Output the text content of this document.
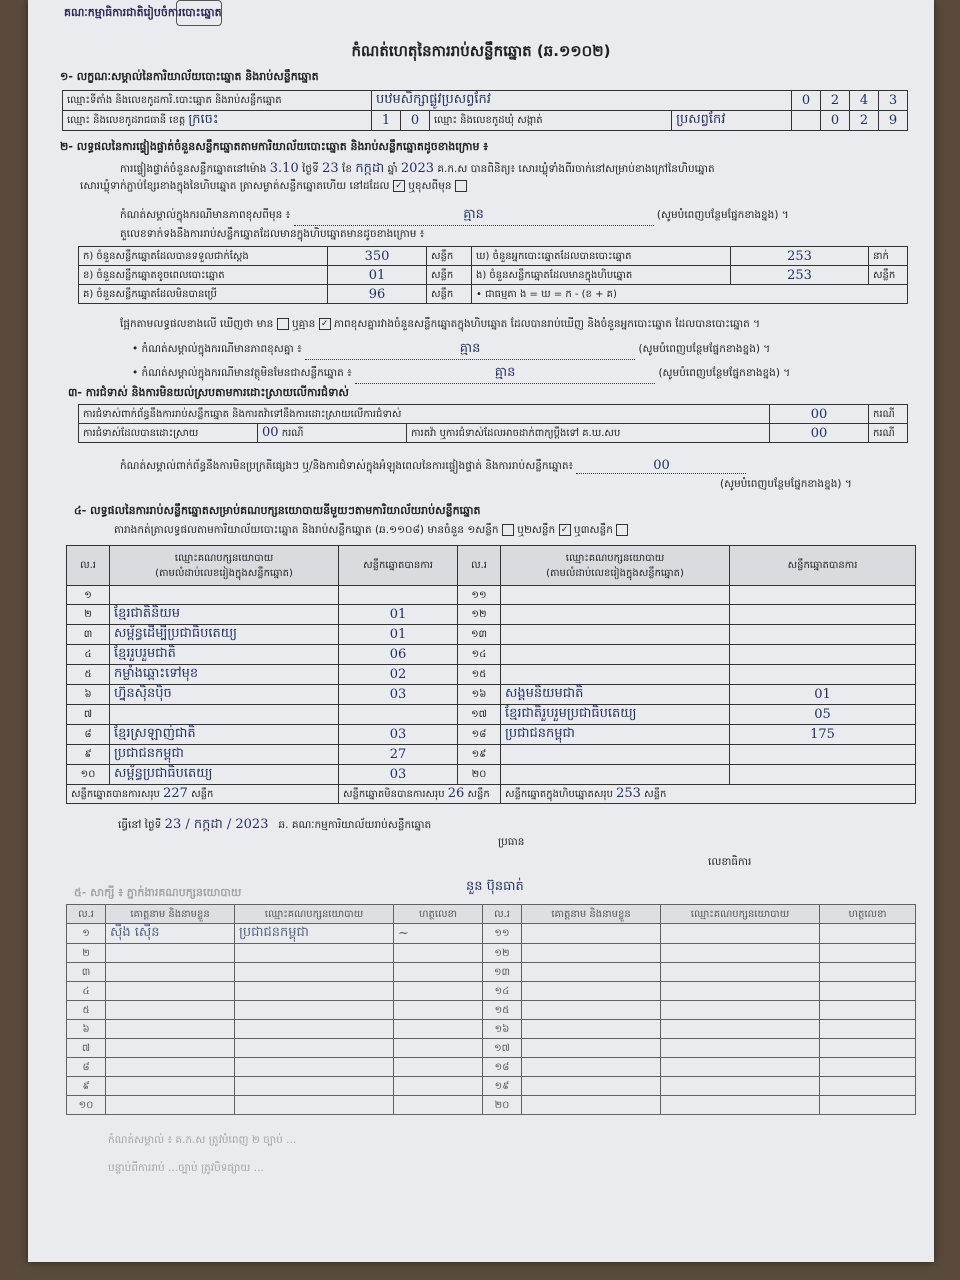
គណៈកម្មាធិការជាតិរៀបចំការបោះឆ្នោត
កំណត់ហេតុនៃការរាប់សន្លឹកឆ្នោត (ឆ.១១០២)
១- លក្ខណៈសម្គាល់នៃការិយាល័យបោះឆ្នោត និងរាប់សន្លឹកឆ្នោត
ឈ្មោះទីតាំង និងលេខកូដការិ.បោះឆ្នោត និងរាប់សន្លឹកឆ្នោត	បឋមសិក្សាផ្លូវប្រសព្វកែវ				0	2	4	3
ឈ្មោះ និងលេខកូដរាជធានី ខេត្ត ក្រចេះ	1	0	ឈ្មោះ និងលេខកូដឃុំ សង្កាត់	ប្រសព្វកែវ		0	2	9
២- លទ្ធផលនៃការផ្ទៀងផ្ទាត់ចំនួនសន្លឹកឆ្នោតតាមការិយាល័យបោះឆ្នោត និងរាប់សន្លឹកឆ្នោតដូចខាងក្រោម ៖
ការផ្ទៀងផ្ទាត់ចំនួនសន្លឹកឆ្នោតនៅម៉ោង 3.10 ថ្ងៃទី 23 ខែ កក្កដា ឆ្នាំ 2023 គ.ក.ស បានពិនិត្យ៖ សោរឃ្លុំទាំងពីរចាក់នៅសម្រាប់ខាងក្រៅនៃហិបឆ្នោត
សោរឃ្លុំទាក់ភ្ជាប់ខ្សែរខាងក្នុងនៃហិបឆ្នោត ត្រាសម្ងាត់សន្លឹកឆ្នោតហើយ នៅដដែល ✓ ឬខុសពីមុន
កំណត់សម្គាល់ក្នុងករណីមានភាពខុសពីមុន ៖	គ្មាន	(សូមបំពេញបន្ថែមផ្នែកខាងខ្នង) ។
តួលេខទាក់ទងនឹងការរាប់សន្លឹកឆ្នោតដែលមានក្នុងហិបឆ្នោតមានដូចខាងក្រោម ៖
ក) ចំនួនសន្លឹកឆ្នោតដែលបានទទួលជាក់ស្តែង	350	សន្លឹក	ឃ) ចំនួនអ្នកបោះឆ្នោតដែលបានបោះឆ្នោត	253	នាក់
ខ) ចំនួនសន្លឹកឆ្នោតខូចពេលបោះឆ្នោត	01	សន្លឹក	ង) ចំនួនសន្លឹកឆ្នោតដែលមានក្នុងហិបឆ្នោត	253	សន្លឹក
គ) ចំនួនសន្លឹកឆ្នោតដែលមិនបានប្រើ	96	សន្លឹក	• ជាធម្មតា ង = ឃ = ក - (ខ + គ)		
ផ្អែកតាមលទ្ធផលខាងលើ ឃើញថា មាន ឬគ្មាន ✓ ភាពខុសគ្នារវាងចំនួនសន្លឹកឆ្នោតក្នុងហិបឆ្នោត ដែលបានរាប់ឃើញ និងចំនួនអ្នកបោះឆ្នោត ដែលបានបោះឆ្នោត ។
• កំណត់សម្គាល់ក្នុងករណីមានភាពខុសគ្នា ៖	គ្មាន	(សូមបំពេញបន្ថែមផ្នែកខាងខ្នង) ។
• កំណត់សម្គាល់ក្នុងករណីមានវត្ថុមិនមែនជាសន្លឹកឆ្នោត ៖	គ្មាន	(សូមបំពេញបន្ថែមផ្នែកខាងខ្នង) ។
៣- ការជំទាស់ និងការមិនយល់ស្របតាមការដោះស្រាយលើការជំទាស់
ការជំទាស់ពាក់ព័ន្ធនឹងការរាប់សន្លឹកឆ្នោត និងការតវ៉ាទៅនឹងការដោះស្រាយលើការជំទាស់			00	ករណី
ការជំទាស់ដែលបានដោះស្រាយ	00 ករណី	ការតវ៉ា ឬការជំទាស់ដែលអាចដាក់ពាក្យប្តឹងទៅ គ.ឃ.សប	00	ករណី
កំណត់សម្គាល់ពាក់ព័ន្ធនឹងការមិនប្រក្រតីផ្សេងៗ ឬ/និងការជំទាស់ក្នុងអំឡុងពេលនៃការផ្ទៀងផ្ទាត់ និងការរាប់សន្លឹកឆ្នោត៖	00
(សូមបំពេញបន្ថែមផ្នែកខាងខ្នង) ។
៤- លទ្ធផលនៃការរាប់សន្លឹកឆ្នោតសម្រាប់គណបក្សនយោបាយនីមួយៗតាមការិយាល័យរាប់សន្លឹកឆ្នោត
តារាងកត់ត្រាលទ្ធផលតាមការិយាល័យបោះឆ្នោត និងរាប់សន្លឹកឆ្នោត (ឆ.១១០៨) មានចំនួន ១សន្លឹក ឬ២សន្លឹក ✓ ឬ៣សន្លឹក
ល.រ	ឈ្មោះគណបក្សនយោបាយ
(តាមលំដាប់លេខរៀងក្នុងសន្លឹកឆ្នោត)	សន្លឹកឆ្នោតបានការ	ល.រ	ឈ្មោះគណបក្សនយោបាយ
(តាមលំដាប់លេខរៀងក្នុងសន្លឹកឆ្នោត)	សន្លឹកឆ្នោតបានការ
១			១១		
២	ខ្មែរជាតិនិយម	01	១២		
៣	សម្ព័ន្ធដើម្បីប្រជាធិបតេយ្យ	01	១៣		
៤	ខ្មែររួបរួមជាតិ	06	១៤		
៥	កម្លាំងឆ្ពោះទៅមុខ	02	១៥		
៦	ហ្វ៊ុនស៊ិនប៉ិច	03	១៦	សង្គមនិយមជាតិ	01
៧			១៧	ខ្មែរជាតិរួបរួមប្រជាធិបតេយ្យ	05
៨	ខ្មែរស្រឡាញ់ជាតិ	03	១៨	ប្រជាជនកម្ពុជា	175
៩	ប្រជាជនកម្ពុជា	27	១៩		
១០	សម្ព័ន្ធប្រជាធិបតេយ្យ	03	២០		
សន្លឹកឆ្នោតបានការសរុប 227 សន្លឹក		សន្លឹកឆ្នោតមិនបានការសរុប 26 សន្លឹក		សន្លឹកឆ្នោតក្នុងហិបឆ្នោតសរុប 253 សន្លឹក	
ធ្វើនៅ ថ្ងៃទី 23 / កក្កដា / 2023 ឆ. គណៈកម្មការិយាល័យរាប់សន្លឹកឆ្នោត
ប្រធាន
នួន ប៊ុនធាត់
លេខាធិការ
៥- សាក្សី ៖ ភ្នាក់ងារគណបក្សនយោបាយ
ល.រ	គោត្តនាម និងនាមខ្លួន	ឈ្មោះគណបក្សនយោបាយ	ហត្ថលេខា	ល.រ	គោត្តនាម និងនាមខ្លួន	ឈ្មោះគណបក្សនយោបាយ	ហត្ថលេខា
១	ស៊ឹង ស៊ើន	ប្រជាជនកម្ពុជា	~	១១			
២				១២			
៣				១៣			
៤				១៤			
៥				១៥			
៦				១៦			
៧				១៧			
៨				១៨			
៩				១៩			
១០				២០			
កំណត់សម្គាល់ ៖ គ.ក.ស ត្រូវបំពេញ ២ ច្បាប់ ...
បន្ទាប់ពីការរាប់ ...ច្បាប់ ត្រូវបិទផ្សាយ ...
